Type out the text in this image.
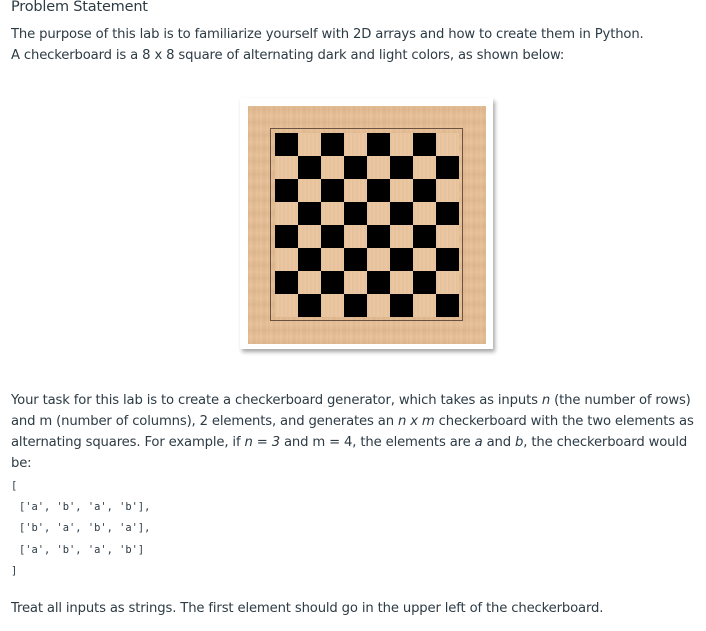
Problem Statement
The purpose of this lab is to familiarize yourself with 2D arrays and how to create them in Python.
A checkerboard is a 8 x 8 square of alternating dark and light colors, as shown below:

Your task for this lab is to create a checkerboard generator, which takes as inputs n (the number of rows) and m (number of columns), 2 elements, and generates an n x m checkerboard with the two elements as alternating squares. For example, if n = 3 and m = 4, the elements are a and b, the checkerboard would be:

[
['a', 'b', 'a', 'b'],
['b', 'a', 'b', 'a'],
['a', 'b', 'a', 'b']
]
Treat all inputs as strings. The first element should go in the upper left of the checkerboard.
